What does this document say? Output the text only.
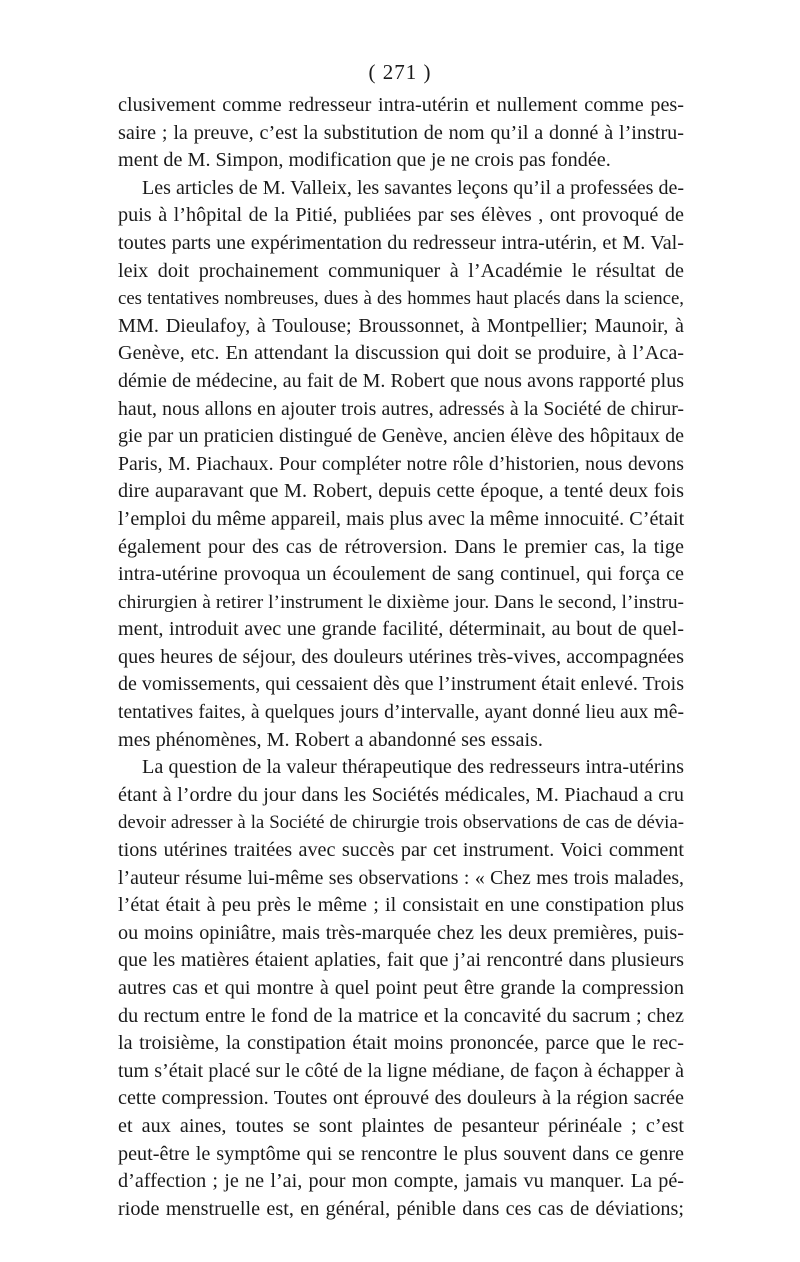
( 271 )
clusivement comme redresseur intra-utérin et nullement comme pes-
saire ; la preuve, c’est la substitution de nom qu’il a donné à l’instru-
ment de M. Simpon, modification que je ne crois pas fondée.
Les articles de M. Valleix, les savantes leçons qu’il a professées de-
puis à l’hôpital de la Pitié, publiées par ses élèves , ont provoqué de
toutes parts une expérimentation du redresseur intra-utérin, et M. Val-
leix doit prochainement communiquer à l’Académie le résultat de
ces tentatives nombreuses, dues à des hommes haut placés dans la science,
MM. Dieulafoy, à Toulouse; Broussonnet, à Montpellier; Maunoir, à
Genève, etc. En attendant la discussion qui doit se produire, à l’Aca-
démie de médecine, au fait de M. Robert que nous avons rapporté plus
haut, nous allons en ajouter trois autres, adressés à la Société de chirur-
gie par un praticien distingué de Genève, ancien élève des hôpitaux de
Paris, M. Piachaux. Pour compléter notre rôle d’historien, nous devons
dire auparavant que M. Robert, depuis cette époque, a tenté deux fois
l’emploi du même appareil, mais plus avec la même innocuité. C’était
également pour des cas de rétroversion. Dans le premier cas, la tige
intra-utérine provoqua un écoulement de sang continuel, qui força ce
chirurgien à retirer l’instrument le dixième jour. Dans le second, l’instru-
ment, introduit avec une grande facilité, déterminait, au bout de quel-
ques heures de séjour, des douleurs utérines très-vives, accompagnées
de vomissements, qui cessaient dès que l’instrument était enlevé. Trois
tentatives faites, à quelques jours d’intervalle, ayant donné lieu aux mê-
mes phénomènes, M. Robert a abandonné ses essais.
La question de la valeur thérapeutique des redresseurs intra-utérins
étant à l’ordre du jour dans les Sociétés médicales, M. Piachaud a cru
devoir adresser à la Société de chirurgie trois observations de cas de dévia-
tions utérines traitées avec succès par cet instrument. Voici comment
l’auteur résume lui-même ses observations : « Chez mes trois malades,
l’état était à peu près le même ; il consistait en une constipation plus
ou moins opiniâtre, mais très-marquée chez les deux premières, puis-
que les matières étaient aplaties, fait que j’ai rencontré dans plusieurs
autres cas et qui montre à quel point peut être grande la compression
du rectum entre le fond de la matrice et la concavité du sacrum ; chez
la troisième, la constipation était moins prononcée, parce que le rec-
tum s’était placé sur le côté de la ligne médiane, de façon à échapper à
cette compression. Toutes ont éprouvé des douleurs à la région sacrée
et aux aines, toutes se sont plaintes de pesanteur périnéale ; c’est
peut-être le symptôme qui se rencontre le plus souvent dans ce genre
d’affection ; je ne l’ai, pour mon compte, jamais vu manquer. La pé-
riode menstruelle est, en général, pénible dans ces cas de déviations;
